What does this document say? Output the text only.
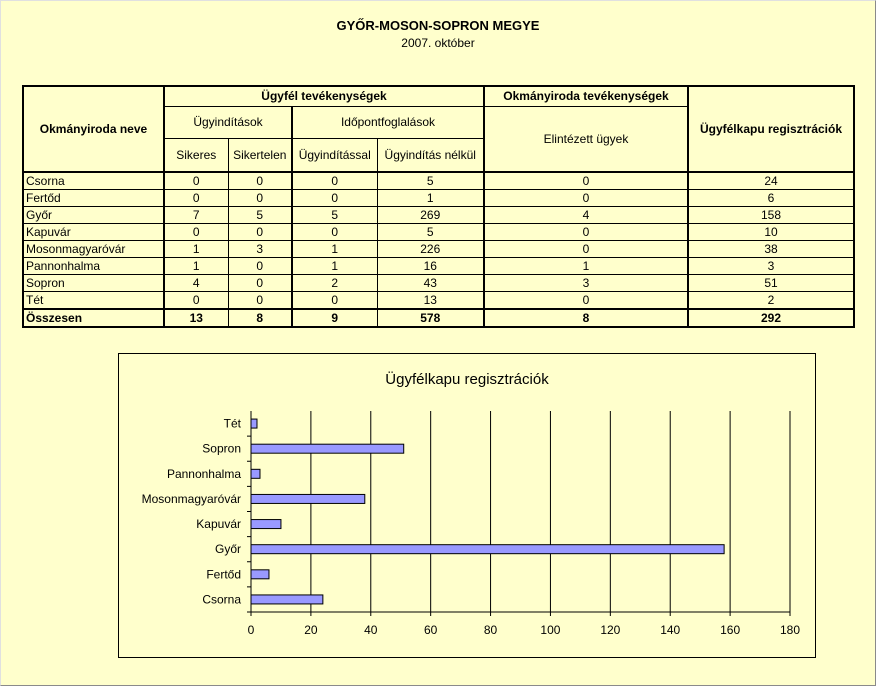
GYŐR-MOSON-SOPRON MEGYE
2007. október
Okmányiroda neve	Ügyfél tevékenységek				Okmányiroda tevékenységek	Ügyfélkapu regisztrációk
	Ügyindítások		Időpontfoglalások		Elintézett ügyek	
	Sikeres	Sikertelen	Ügyindítással	Ügyindítás nélkül		
Csorna	0	0	0	5	0	24
Fertőd	0	0	0	1	0	6
Győr	7	5	5	269	4	158
Kapuvár	0	0	0	5	0	10
Mosonmagyaróvár	1	3	1	226	0	38
Pannonhalma	1	0	1	16	1	3
Sopron	4	0	2	43	3	51
Tét	0	0	0	13	0	2
Összesen	13	8	9	578	8	292
Ügyfélkapu regisztrációk
0	20	40	60	80	100	120	140	160	180
Csorna
Fertőd
Győr
Kapuvár
Mosonmagyaróvár
Pannonhalma
Sopron
Tét
